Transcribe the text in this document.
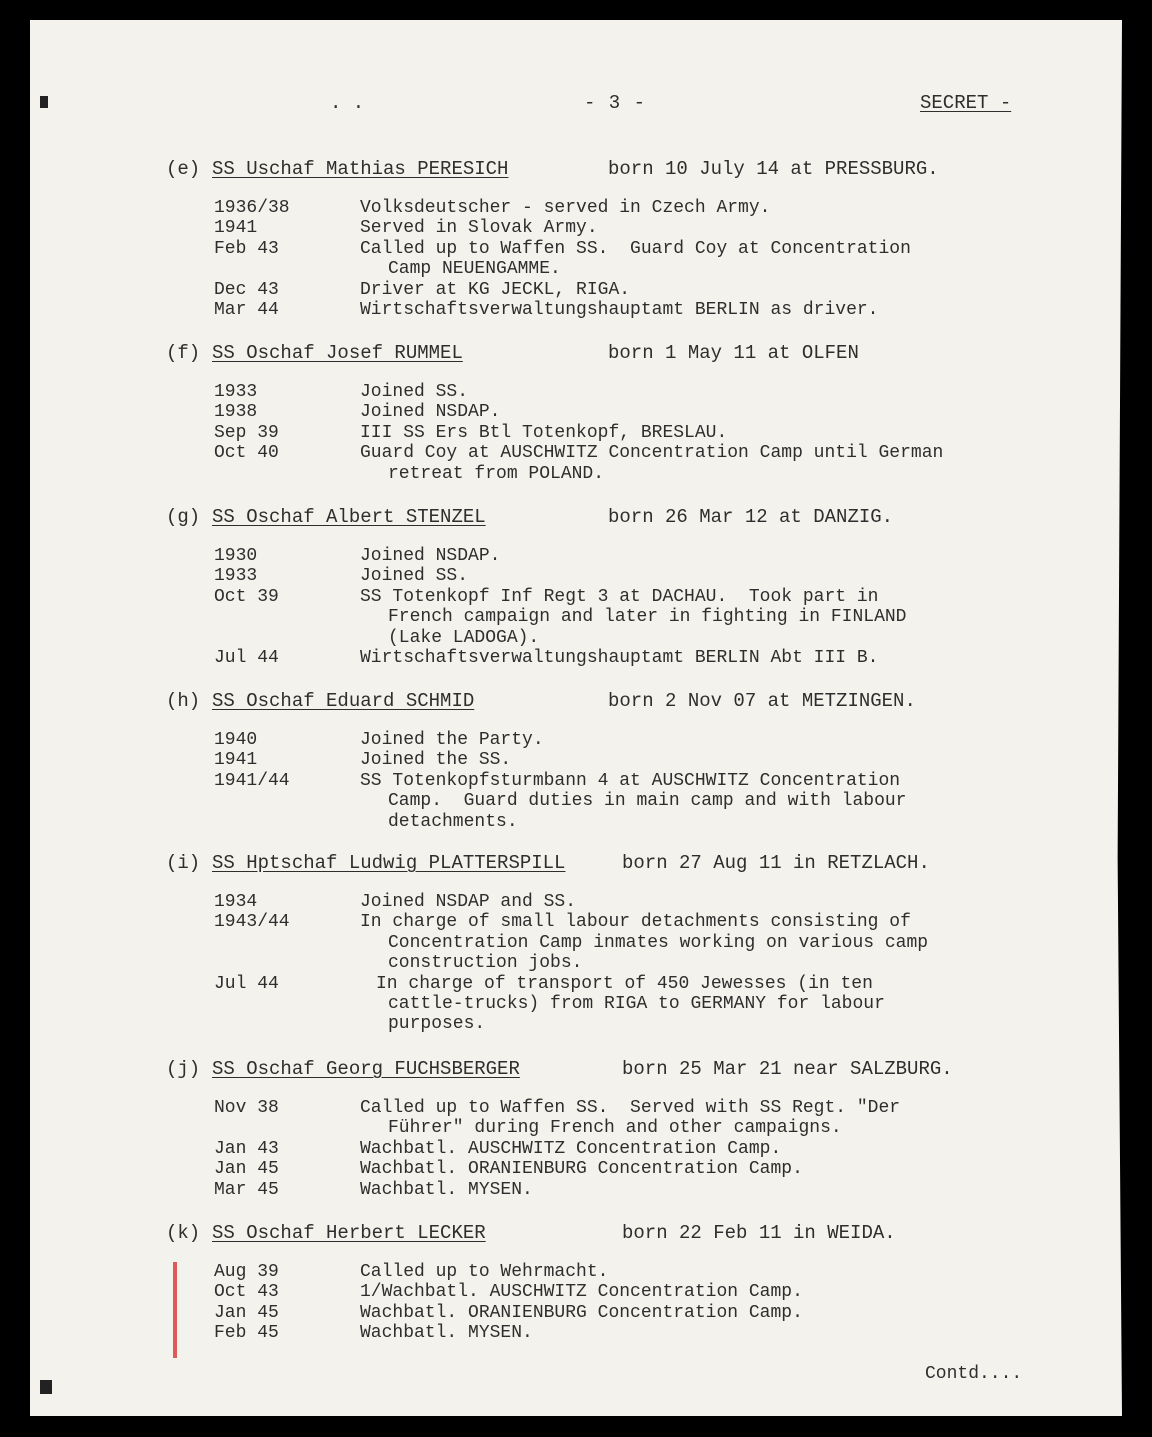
. .	- 3 -	SECRET -
(e) SS Uschaf Mathias PERESICH	born 10 July 14 at PRESSBURG.
1936/38	Volksdeutscher - served in Czech Army.
1941	Served in Slovak Army.
Feb 43	Called up to Waffen SS.  Guard Coy at Concentration
Camp NEUENGAMME.
Dec 43	Driver at KG JECKL, RIGA.
Mar 44	Wirtschaftsverwaltungshauptamt BERLIN as driver.
(f) SS Oschaf Josef RUMMEL	born 1 May 11 at OLFEN
1933	Joined SS.
1938	Joined NSDAP.
Sep 39	III SS Ers Btl Totenkopf, BRESLAU.
Oct 40	Guard Coy at AUSCHWITZ Concentration Camp until German
retreat from POLAND.
(g) SS Oschaf Albert STENZEL	born 26 Mar 12 at DANZIG.
1930	Joined NSDAP.
1933	Joined SS.
Oct 39	SS Totenkopf Inf Regt 3 at DACHAU.  Took part in
French campaign and later in fighting in FINLAND
(Lake LADOGA).
Jul 44	Wirtschaftsverwaltungshauptamt BERLIN Abt III B.
(h) SS Oschaf Eduard SCHMID	born 2 Nov 07 at METZINGEN.
1940	Joined the Party.
1941	Joined the SS.
1941/44	SS Totenkopfsturmbann 4 at AUSCHWITZ Concentration
Camp.  Guard duties in main camp and with labour
detachments.
(i) SS Hptschaf Ludwig PLATTERSPILL	born 27 Aug 11 in RETZLACH.
1934	Joined NSDAP and SS.
1943/44	In charge of small labour detachments consisting of
Concentration Camp inmates working on various camp
construction jobs.
Jul 44	In charge of transport of 450 Jewesses (in ten
cattle-trucks) from RIGA to GERMANY for labour
purposes.
(j) SS Oschaf Georg FUCHSBERGER	born 25 Mar 21 near SALZBURG.
Nov 38	Called up to Waffen SS.  Served with SS Regt. "Der
Führer" during French and other campaigns.
Jan 43	Wachbatl. AUSCHWITZ Concentration Camp.
Jan 45	Wachbatl. ORANIENBURG Concentration Camp.
Mar 45	Wachbatl. MYSEN.
(k) SS Oschaf Herbert LECKER	born 22 Feb 11 in WEIDA.
Aug 39	Called up to Wehrmacht.
Oct 43	1/Wachbatl. AUSCHWITZ Concentration Camp.
Jan 45	Wachbatl. ORANIENBURG Concentration Camp.
Feb 45	Wachbatl. MYSEN.
Contd....
